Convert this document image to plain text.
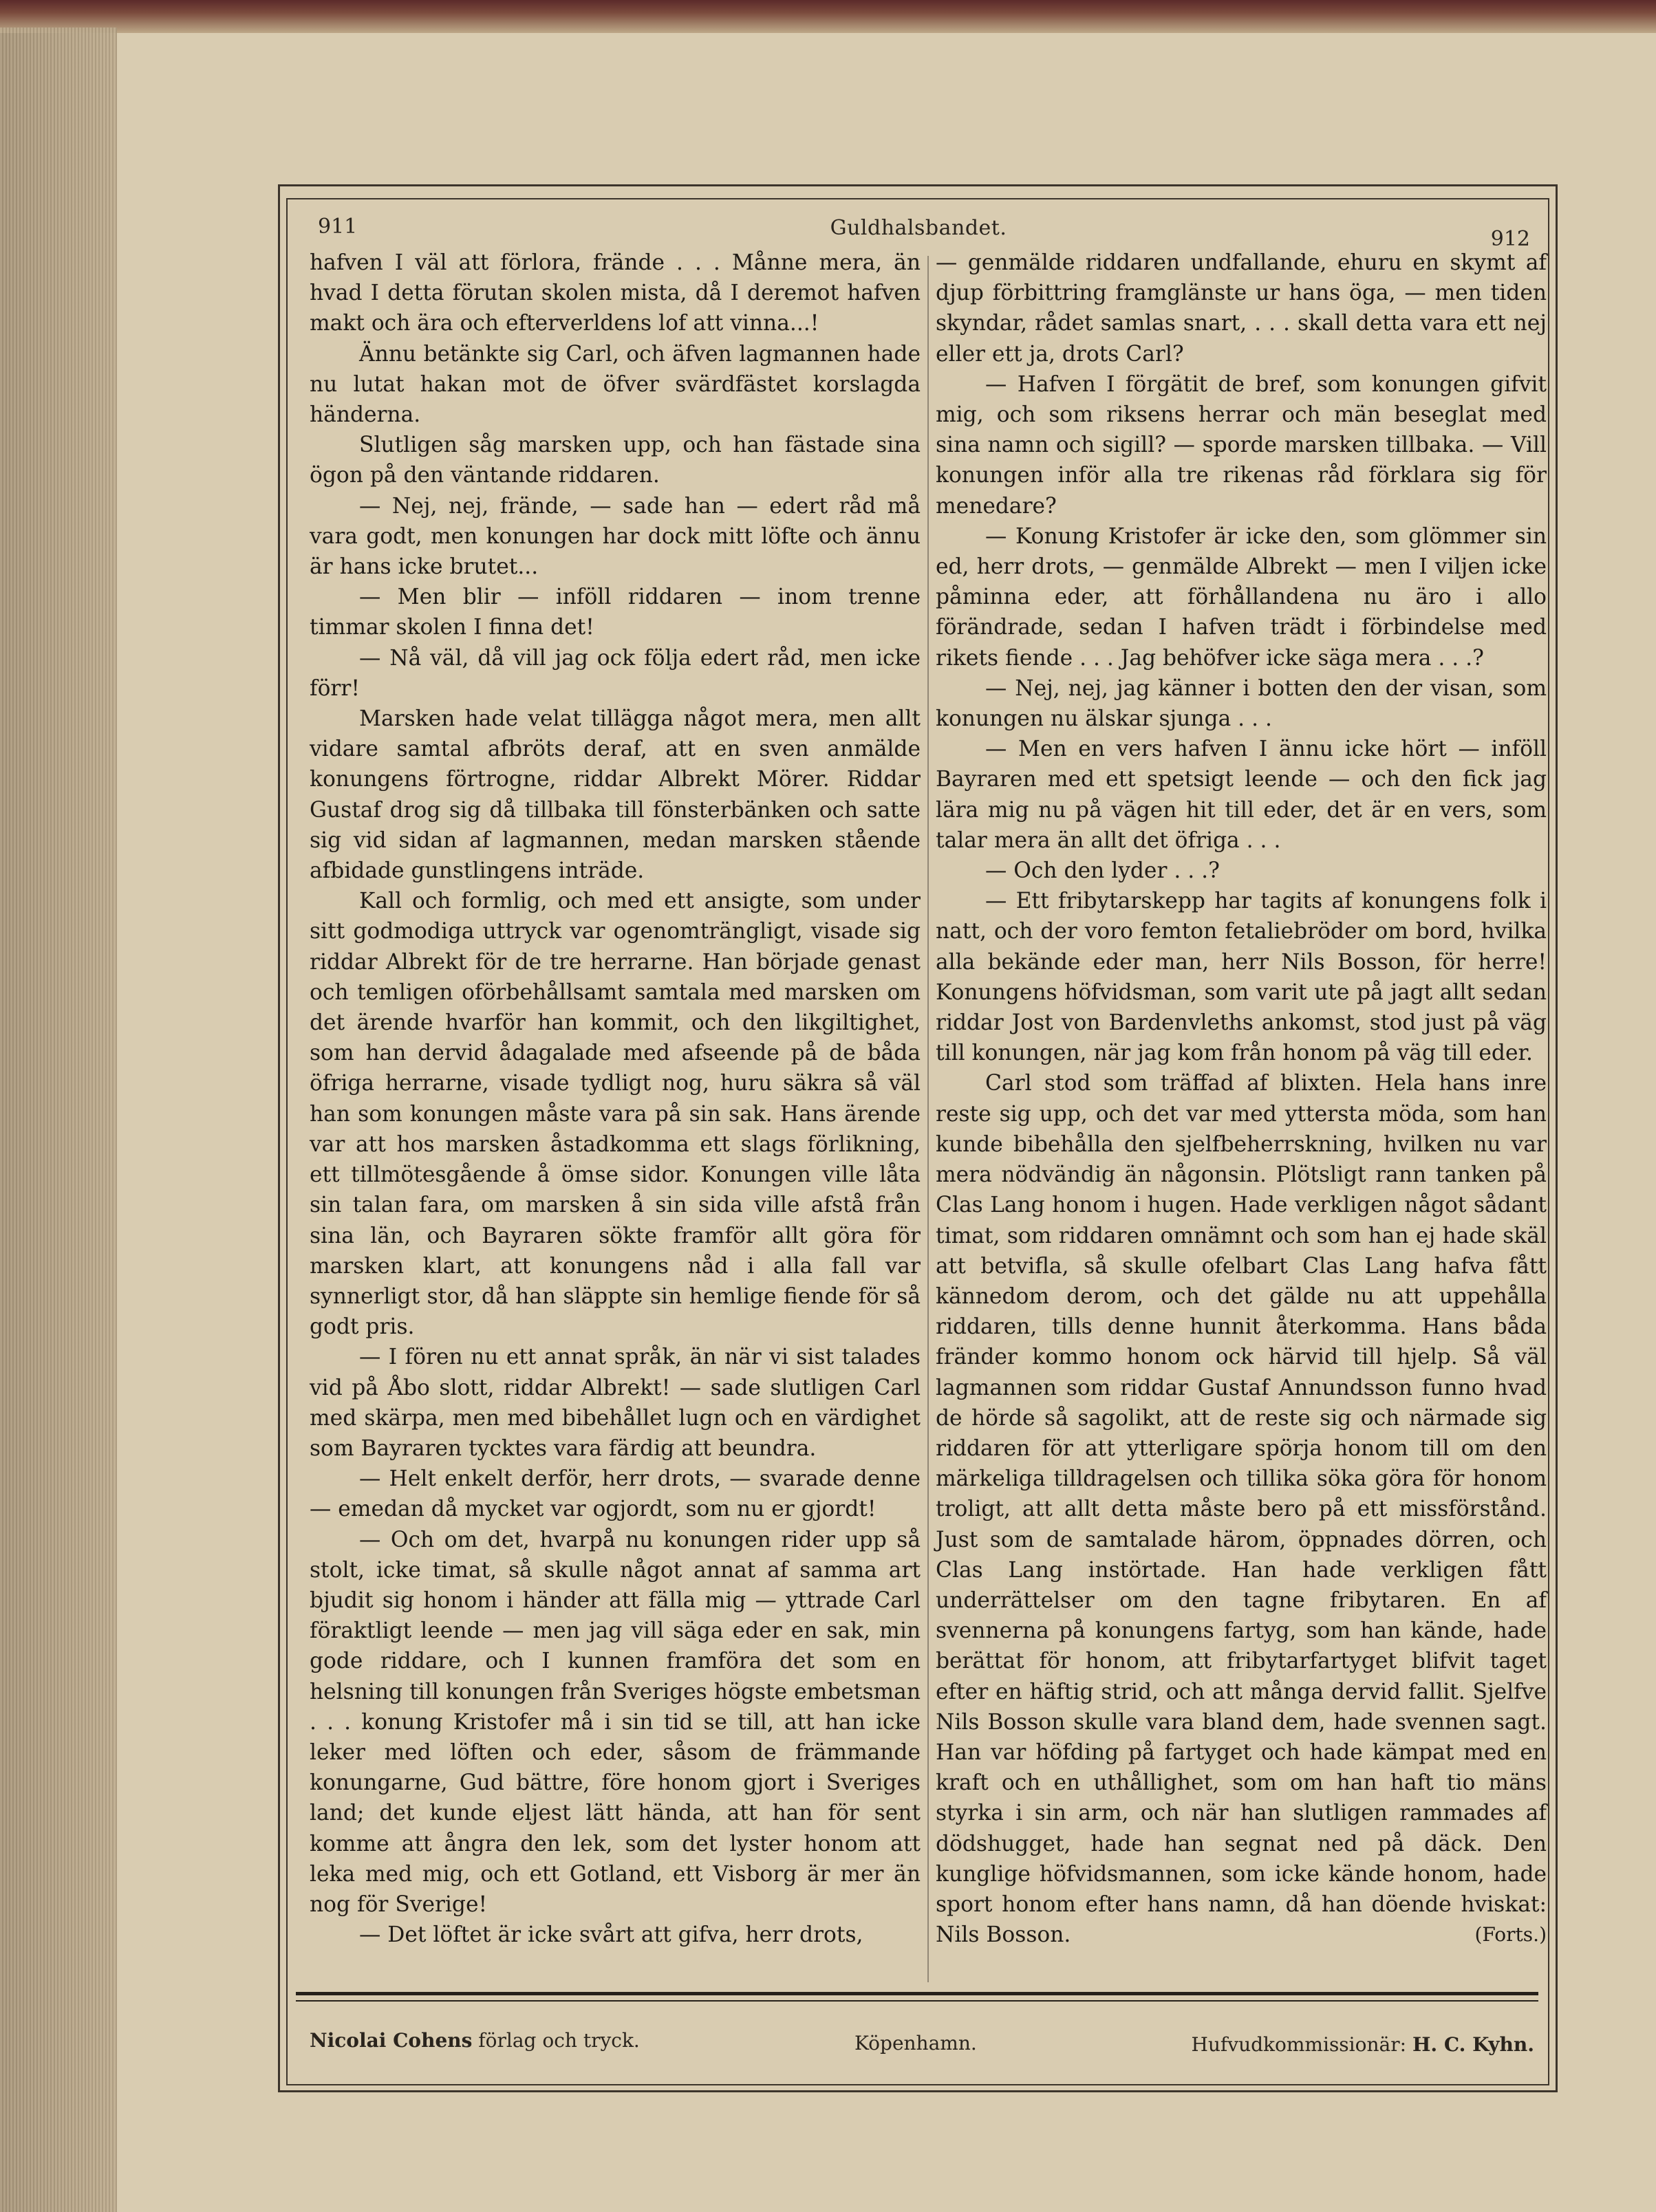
911	Guldhalsbandet.	912

hafven I väl att förlora, frände . . . Månne mera, än hvad I detta förutan skolen mista, då I deremot hafven makt och ära och efterverldens lof att vinna...!

Ännu betänkte sig Carl, och äfven lagmannen hade nu lutat hakan mot de öfver svärdfästet korslagda händerna.

Slutligen såg marsken upp, och han fästade sina ögon på den väntande riddaren.

— Nej, nej, frände, — sade han — edert råd må vara godt, men konungen har dock mitt löfte och ännu är hans icke brutet...

— Men blir — inföll riddaren — inom trenne timmar skolen I finna det!

— Nå väl, då vill jag ock följa edert råd, men icke förr!

Marsken hade velat tillägga något mera, men allt vidare samtal afbröts deraf, att en sven anmälde konungens förtrogne, riddar Albrekt Mörer. Riddar Gustaf drog sig då tillbaka till fönsterbänken och satte sig vid sidan af lagmannen, medan marsken stående afbidade gunstlingens inträde.

Kall och formlig, och med ett ansigte, som under sitt godmodiga uttryck var ogenomträngligt, visade sig riddar Albrekt för de tre herrarne. Han började genast och temligen oförbehållsamt samtala med marsken om det ärende hvarför han kommit, och den likgiltighet, som han dervid ådagalade med afseende på de båda öfriga herrarne, visade tydligt nog, huru säkra så väl han som konungen måste vara på sin sak. Hans ärende var att hos marsken åstadkomma ett slags förlikning, ett tillmötesgående å ömse sidor. Konungen ville låta sin talan fara, om marsken å sin sida ville afstå från sina län, och Bayraren sökte framför allt göra för marsken klart, att konungens nåd i alla fall var synnerligt stor, då han släppte sin hemlige fiende för så godt pris.

— I fören nu ett annat språk, än när vi sist talades vid på Åbo slott, riddar Albrekt! — sade slutligen Carl med skärpa, men med bibehållet lugn och en värdighet som Bayraren tycktes vara färdig att beundra.

— Helt enkelt derför, herr drots, — svarade denne — emedan då mycket var ogjordt, som nu er gjordt!

— Och om det, hvarpå nu konungen rider upp så stolt, icke timat, så skulle något annat af samma art bjudit sig honom i händer att fälla mig — yttrade Carl föraktligt leende — men jag vill säga eder en sak, min gode riddare, och I kunnen framföra det som en helsning till konungen från Sveriges högste embetsman . . . konung Kristofer må i sin tid se till, att han icke leker med löften och eder, såsom de främmande konungarne, Gud bättre, före honom gjort i Sveriges land; det kunde eljest lätt hända, att han för sent komme att ångra den lek, som det lyster honom att leka med mig, och ett Gotland, ett Visborg är mer än nog för Sverige!

— Det löftet är icke svårt att gifva, herr drots,

— genmälde riddaren undfallande, ehuru en skymt af djup förbittring framglänste ur hans öga, — men tiden skyndar, rådet samlas snart, . . . skall detta vara ett nej eller ett ja, drots Carl?

— Hafven I förgätit de bref, som konungen gifvit mig, och som riksens herrar och män beseglat med sina namn och sigill? — sporde marsken tillbaka. — Vill konungen inför alla tre rikenas råd förklara sig för menedare?

— Konung Kristofer är icke den, som glömmer sin ed, herr drots, — genmälde Albrekt — men I viljen icke påminna eder, att förhållandena nu äro i allo förändrade, sedan I hafven trädt i förbindelse med rikets fiende . . . Jag behöfver icke säga mera . . .?

— Nej, nej, jag känner i botten den der visan, som konungen nu älskar sjunga . . .

— Men en vers hafven I ännu icke hört — inföll Bayraren med ett spetsigt leende — och den fick jag lära mig nu på vägen hit till eder, det är en vers, som talar mera än allt det öfriga . . .

— Och den lyder . . .?

— Ett fribytarskepp har tagits af konungens folk i natt, och der voro femton fetaliebröder om bord, hvilka alla bekände eder man, herr Nils Bosson, för herre! Konungens höfvidsman, som varit ute på jagt allt sedan riddar Jost von Bardenvleths ankomst, stod just på väg till konungen, när jag kom från honom på väg till eder.

Carl stod som träffad af blixten. Hela hans inre reste sig upp, och det var med yttersta möda, som han kunde bibehålla den sjelfbeherrskning, hvilken nu var mera nödvändig än någonsin. Plötsligt rann tanken på Clas Lang honom i hugen. Hade verkligen något sådant timat, som riddaren omnämnt och som han ej hade skäl att betvifla, så skulle ofelbart Clas Lang hafva fått kännedom derom, och det gälde nu att uppehålla riddaren, tills denne hunnit återkomma. Hans båda fränder kommo honom ock härvid till hjelp. Så väl lagmannen som riddar Gustaf Annundsson funno hvad de hörde så sagolikt, att de reste sig och närmade sig riddaren för att ytterligare spörja honom till om den märkeliga tilldragelsen och tillika söka göra för honom troligt, att allt detta måste bero på ett missförstånd. Just som de samtalade härom, öppnades dörren, och Clas Lang instörtade. Han hade verkligen fått underrättelser om den tagne fribytaren. En af svennerna på konungens fartyg, som han kände, hade berättat för honom, att fribytarfartyget blifvit taget efter en häftig strid, och att många dervid fallit. Sjelfve Nils Bosson skulle vara bland dem, hade svennen sagt. Han var höfding på fartyget och hade kämpat med en kraft och en uthållighet, som om han haft tio mäns styrka i sin arm, och när han slutligen rammades af dödshugget, hade han segnat ned på däck. Den kunglige höfvidsmannen, som icke kände honom, hade sport honom efter hans namn, då han döende hviskat: Nils Bosson.	(Forts.)

Nicolai Cohens förlag och tryck.	Köpenhamn.	Hufvudkommissionär: H. C. Kyhn.
